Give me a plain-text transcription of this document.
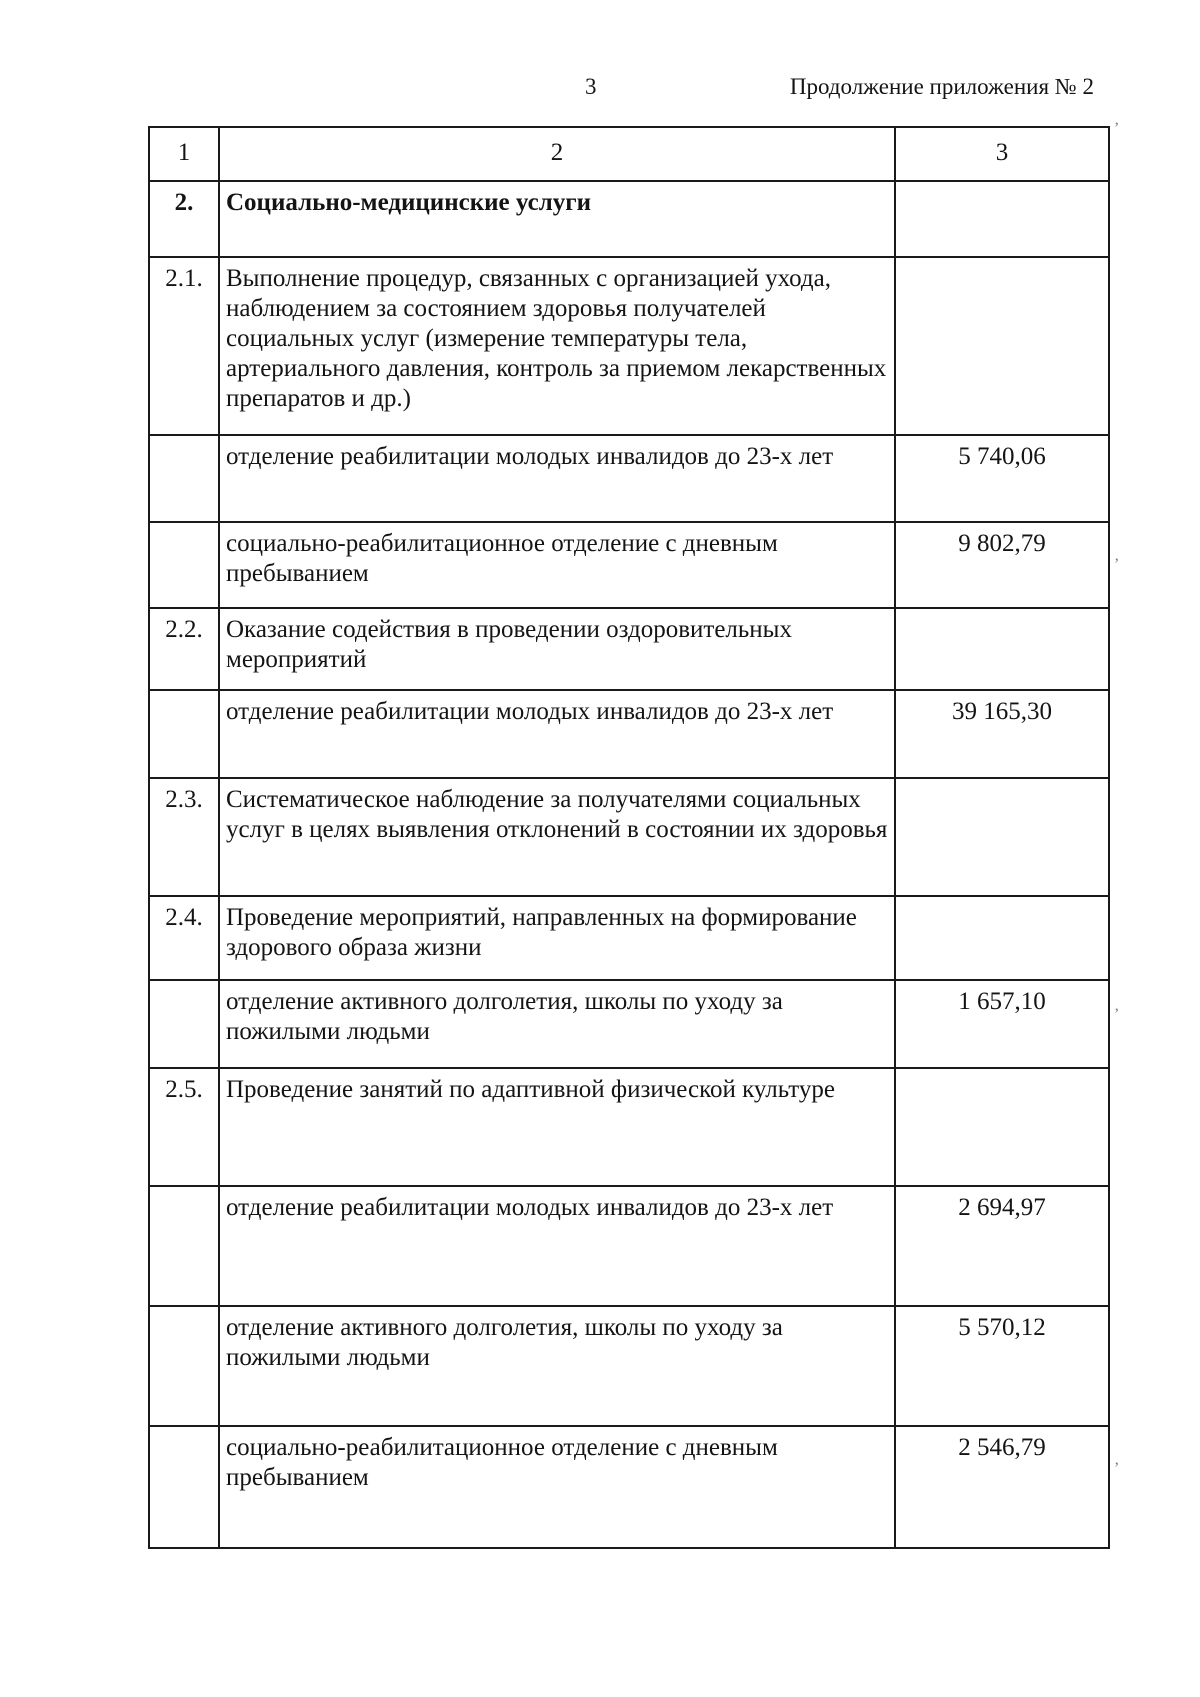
3	Продолжение приложения № 2
1	2	3
2.	Социально-медицинские услуги	
2.1.	Выполнение процедур, связанных с организацией ухода, наблюдением за состоянием здоровья получателей социальных услуг (измерение температуры тела, артериального давления, контроль за приемом лекарственных препаратов и др.)	
	отделение реабилитации молодых инвалидов до 23-х лет	5 740,06
	социально-реабилитационное отделение с дневным пребыванием	9 802,79
2.2.	Оказание содействия в проведении оздоровительных мероприятий	
	отделение реабилитации молодых инвалидов до 23-х лет	39 165,30
2.3.	Систематическое наблюдение за получателями социальных услуг в целях выявления отклонений в состоянии их здоровья	
2.4.	Проведение мероприятий, направленных на формирование здорового образа жизни	
	отделение активного долголетия, школы по уходу за пожилыми людьми	1 657,10
2.5.	Проведение занятий по адаптивной физической культуре	
	отделение реабилитации молодых инвалидов до 23-х лет	2 694,97
	отделение активного долголетия, школы по уходу за пожилыми людьми	5 570,12
	социально-реабилитационное отделение с дневным пребыванием	2 546,79
ʼ
ʼ
ʼ
ʼ
